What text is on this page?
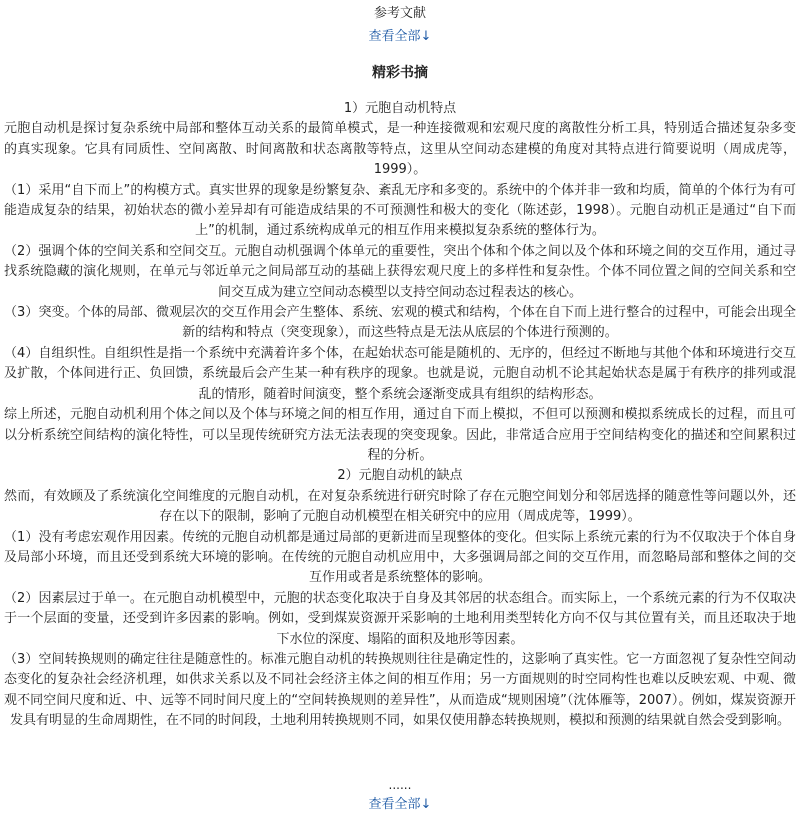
参考文献
查看全部↓
精彩书摘

1）元胞自动机特点

元胞自动机是探讨复杂系统中局部和整体互动关系的最简单模式，是一种连接微观和宏观尺度的离散性分析工具，特别适合描述复杂多变的真实现象。它具有同质性、空间离散、时间离散和状态离散等特点，这里从空间动态建模的角度对其特点进行简要说明（周成虎等，1999）。

（1）采用“自下而上”的构模方式。真实世界的现象是纷繁复杂、紊乱无序和多变的。系统中的个体并非一致和均质，简单的个体行为有可能造成复杂的结果，初始状态的微小差异却有可能造成结果的不可预测性和极大的变化（陈述彭，1998）。元胞自动机正是通过“自下而上”的机制，通过系统构成单元的相互作用来模拟复杂系统的整体行为。

（2）强调个体的空间关系和空间交互。元胞自动机强调个体单元的重要性，突出个体和个体之间以及个体和环境之间的交互作用，通过寻找系统隐藏的演化规则，在单元与邻近单元之间局部互动的基础上获得宏观尺度上的多样性和复杂性。个体不同位置之间的空间关系和空间交互成为建立空间动态模型以支持空间动态过程表达的核心。

（3）突变。个体的局部、微观层次的交互作用会产生整体、系统、宏观的模式和结构，个体在自下而上进行整合的过程中，可能会出现全新的结构和特点（突变现象），而这些特点是无法从底层的个体进行预测的。

（4）自组织性。自组织性是指一个系统中充满着许多个体，在起始状态可能是随机的、无序的，但经过不断地与其他个体和环境进行交互及扩散，个体间进行正、负回馈，系统最后会产生某一种有秩序的现象。也就是说，元胞自动机不论其起始状态是属于有秩序的排列或混乱的情形，随着时间演变，整个系统会逐渐变成具有组织的结构形态。

综上所述，元胞自动机利用个体之间以及个体与环境之间的相互作用，通过自下而上模拟，不但可以预测和模拟系统成长的过程，而且可以分析系统空间结构的演化特性，可以呈现传统研究方法无法表现的突变现象。因此，非常适合应用于空间结构变化的描述和空间累积过程的分析。

2）元胞自动机的缺点

然而，有效顾及了系统演化空间维度的元胞自动机，在对复杂系统进行研究时除了存在元胞空间划分和邻居选择的随意性等问题以外，还存在以下的限制，影响了元胞自动机模型在相关研究中的应用（周成虎等，1999）。

（1）没有考虑宏观作用因素。传统的元胞自动机都是通过局部的更新进而呈现整体的变化。但实际上系统元素的行为不仅取决于个体自身及局部小环境，而且还受到系统大环境的影响。在传统的元胞自动机应用中，大多强调局部之间的交互作用，而忽略局部和整体之间的交互作用或者是系统整体的影响。

（2）因素层过于单一。在元胞自动机模型中，元胞的状态变化取决于自身及其邻居的状态组合。而实际上，一个系统元素的行为不仅取决于一个层面的变量，还受到许多因素的影响。例如，受到煤炭资源开采影响的土地利用类型转化方向不仅与其位置有关，而且还取决于地下水位的深度、塌陷的面积及地形等因素。

（3）空间转换规则的确定往往是随意性的。标准元胞自动机的转换规则往往是确定性的，这影响了真实性。它一方面忽视了复杂性空间动态变化的复杂社会经济机理，如供求关系以及不同社会经济主体之间的相互作用；另一方面规则的时空同构性也难以反映宏观、中观、微观不同空间尺度和近、中、远等不同时间尺度上的“空间转换规则的差异性”，从而造成“规则困境”（沈体雁等，2007）。例如，煤炭资源开发具有明显的生命周期性，在不同的时间段，土地利用转换规则不同，如果仅使用静态转换规则，模拟和预测的结果就自然会受到影响。

......
查看全部↓
